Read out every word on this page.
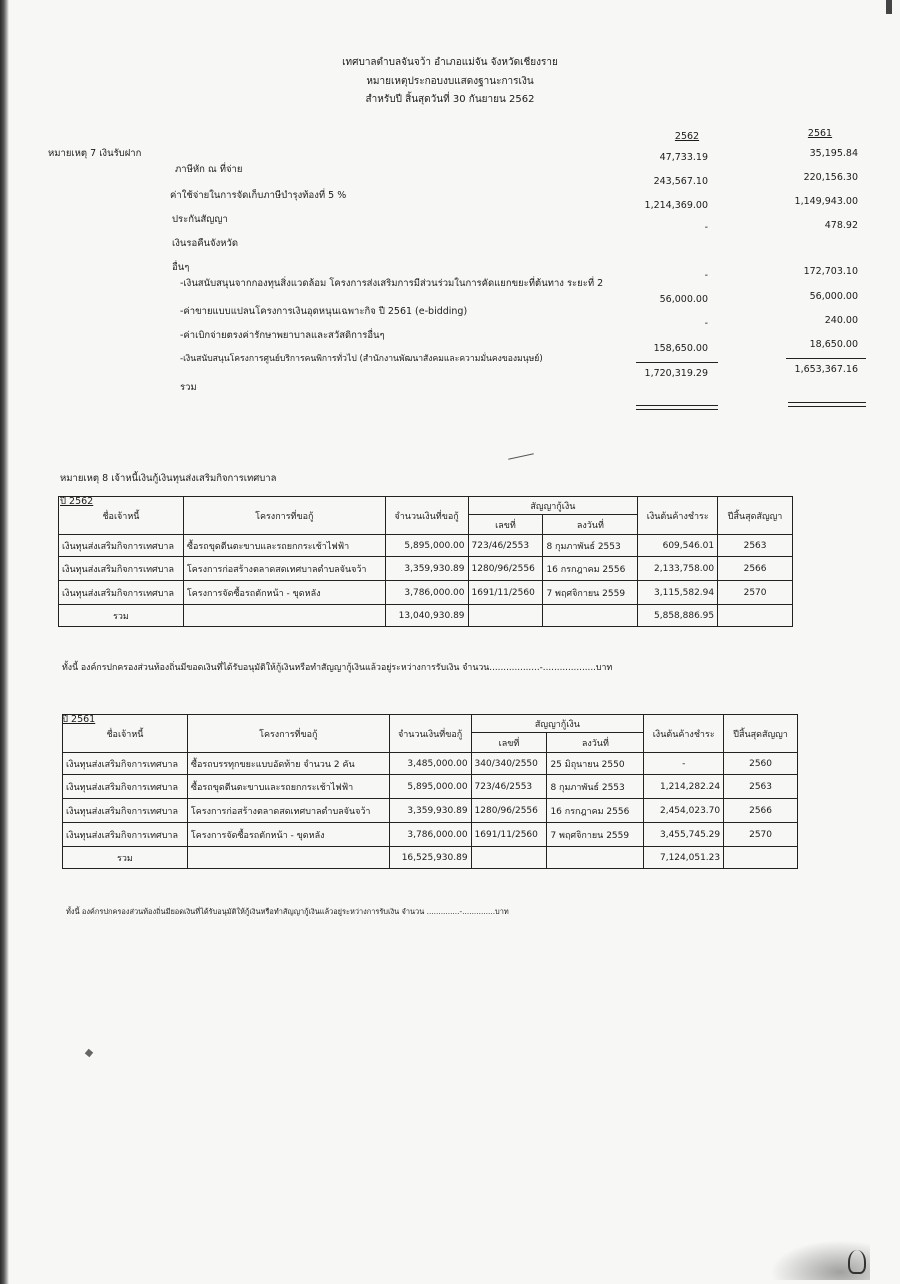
เทศบาลตำบลจันจว้า อำเภอแม่จัน จังหวัดเชียงราย
หมายเหตุประกอบงบแสดงฐานะการเงิน
สำหรับปี สิ้นสุดวันที่ 30 กันยายน 2562
2562	2561
หมายเหตุ 7 เงินรับฝาก
ภาษีหัก ณ ที่จ่าย
47,733.19	35,195.84
ค่าใช้จ่ายในการจัดเก็บภาษีบำรุงท้องที่ 5 %
243,567.10	220,156.30
ประกันสัญญา
1,214,369.00	1,149,943.00
เงินรอคืนจังหวัด
-	478.92
อื่นๆ
-เงินสนับสนุนจากกองทุนสิ่งแวดล้อม โครงการส่งเสริมการมีส่วนร่วมในการคัดแยกขยะที่ต้นทาง ระยะที่ 2
-	172,703.10
-ค่าขายแบบแปลนโครงการเงินอุดหนุนเฉพาะกิจ ปี 2561 (e-bidding)
56,000.00	56,000.00
-ค่าเบิกจ่ายตรงค่ารักษาพยาบาลและสวัสดิการอื่นๆ
-	240.00
-เงินสนับสนุนโครงการศูนย์บริการคนพิการทั่วไป (สำนักงานพัฒนาสังคมและความมั่นคงของมนุษย์)
158,650.00	18,650.00
รวม
1,720,319.29	1,653,367.16
หมายเหตุ 8 เจ้าหนี้เงินกู้เงินทุนส่งเสริมกิจการเทศบาล
ปี 2562
ชื่อเจ้าหนี้	โครงการที่ขอกู้	จำนวนเงินที่ขอกู้	สัญญากู้เงิน		เงินต้นค้างชำระ	ปีสิ้นสุดสัญญา
			เลขที่	ลงวันที่		
เงินทุนส่งเสริมกิจการเทศบาล	ซื้อรถขุดตีนตะขาบและรถยกกระเช้าไฟฟ้า	5,895,000.00	723/46/2553	8 กุมภาพันธ์ 2553	609,546.01	2563
เงินทุนส่งเสริมกิจการเทศบาล	โครงการก่อสร้างตลาดสดเทศบาลตำบลจันจว้า	3,359,930.89	1280/96/2556	16 กรกฎาคม 2556	2,133,758.00	2566
เงินทุนส่งเสริมกิจการเทศบาล	โครงการจัดซื้อรถตักหน้า - ขุดหลัง	3,786,000.00	1691/11/2560	7 พฤศจิกายน 2559	3,115,582.94	2570
รวม		13,040,930.89			5,858,886.95	
ทั้งนี้ องค์กรปกครองส่วนท้องถิ่นมีขอดเงินที่ได้รับอนุมัติให้กู้เงินหรือทำสัญญากู้เงินแล้วอยู่ระหว่างการรับเงิน จำนวน..................-...................บาท
ปี 2561
ชื่อเจ้าหนี้	โครงการที่ขอกู้	จำนวนเงินที่ขอกู้	สัญญากู้เงิน		เงินต้นค้างชำระ	ปีสิ้นสุดสัญญา
			เลขที่	ลงวันที่		
เงินทุนส่งเสริมกิจการเทศบาล	ซื้อรถบรรทุกขยะแบบอัดท้าย จำนวน 2 คัน	3,485,000.00	340/340/2550	25 มิถุนายน 2550	-	2560
เงินทุนส่งเสริมกิจการเทศบาล	ซื้อรถขุดตีนตะขาบและรถยกกระเช้าไฟฟ้า	5,895,000.00	723/46/2553	8 กุมภาพันธ์ 2553	1,214,282.24	2563
เงินทุนส่งเสริมกิจการเทศบาล	โครงการก่อสร้างตลาดสดเทศบาลตำบลจันจว้า	3,359,930.89	1280/96/2556	16 กรกฎาคม 2556	2,454,023.70	2566
เงินทุนส่งเสริมกิจการเทศบาล	โครงการจัดซื้อรถตักหน้า - ขุดหลัง	3,786,000.00	1691/11/2560	7 พฤศจิกายน 2559	3,455,745.29	2570
รวม		16,525,930.89			7,124,051.23	
ทั้งนี้ องค์กรปกครองส่วนท้องถิ่นมียอดเงินที่ได้รับอนุมัติให้กู้เงินหรือทำสัญญากู้เงินแล้วอยู่ระหว่างการรับเงิน จำนวน ..............-..............บาท
